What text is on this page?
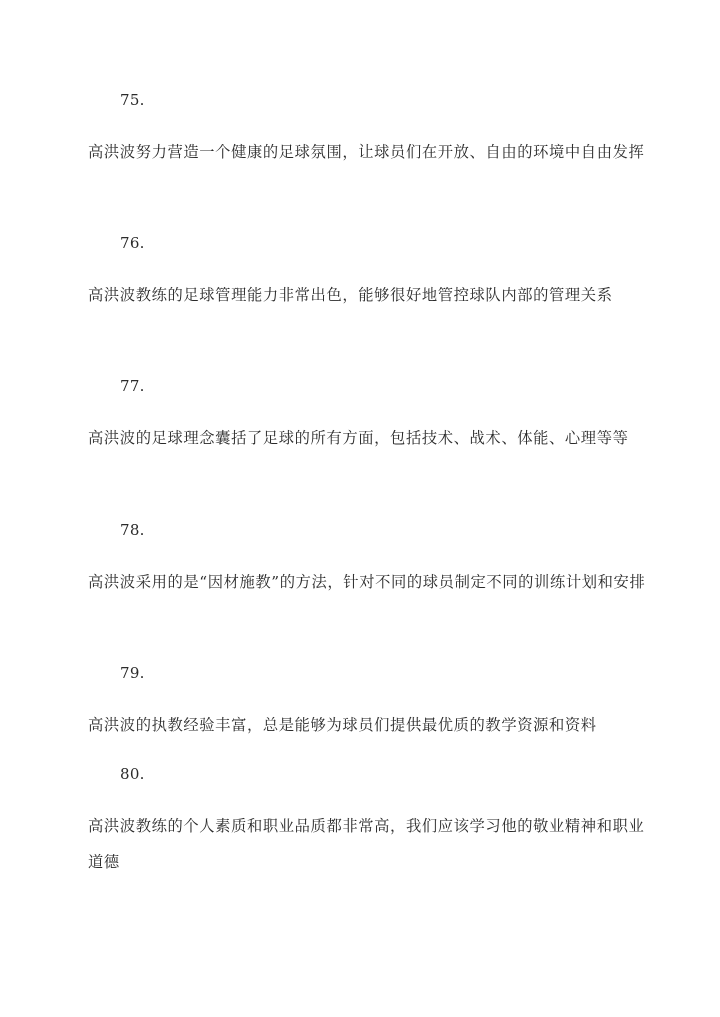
75.
高洪波努力营造一个健康的足球氛围，让球员们在开放、自由的环境中自由发挥
76.
高洪波教练的足球管理能力非常出色，能够很好地管控球队内部的管理关系
77.
高洪波的足球理念囊括了足球的所有方面，包括技术、战术、体能、心理等等
78.
高洪波采用的是“因材施教”的方法，针对不同的球员制定不同的训练计划和安排
79.
高洪波的执教经验丰富，总是能够为球员们提供最优质的教学资源和资料
80.
高洪波教练的个人素质和职业品质都非常高，我们应该学习他的敬业精神和职业道德
